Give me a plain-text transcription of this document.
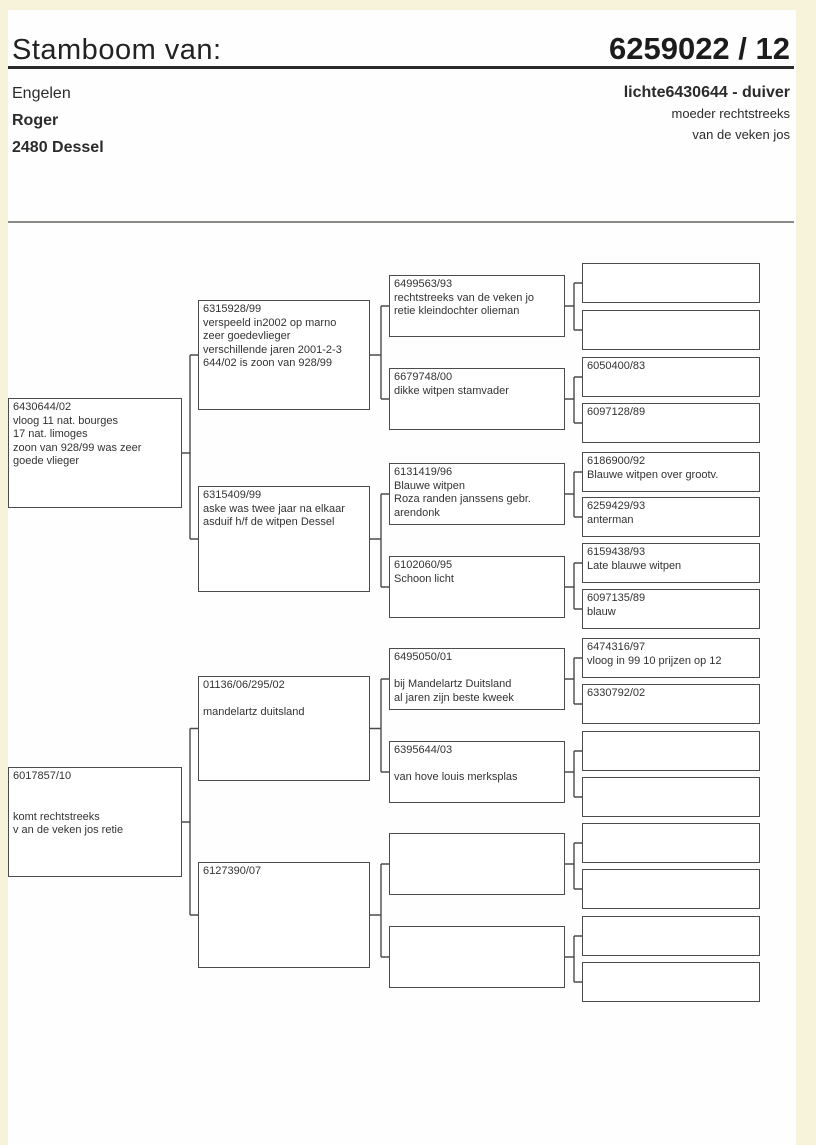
Stamboom van:	6259022 / 12
Engelen
Roger
2480 Dessel
lichte6430644 - duiver
moeder rechtstreeks
van de veken jos
6430644/02
vloog 11 nat. bourges
17 nat. limoges
zoon van 928/99 was zeer
goede vlieger
6017857/10
komt rechtstreeks
v an de veken jos retie
6315928/99
verspeeld in2002 op marno
zeer goedevlieger
verschillende jaren 2001-2-3
644/02 is zoon van 928/99
6315409/99
aske was twee jaar na elkaar
asduif h/f de witpen Dessel
01136/06/295/02
mandelartz duitsland
6127390/07
6499563/93
rechtstreeks van de veken jo
retie kleindochter olieman
6679748/00
dikke witpen stamvader
6131419/96
Blauwe witpen
Roza randen janssens gebr.
arendonk
6102060/95
Schoon licht
6495050/01
bij Mandelartz Duitsland
al jaren zijn beste kweek
6395644/03
van hove louis merksplas
6050400/83
6097128/89
6186900/92
Blauwe witpen over grootv.
6259429/93
anterman
6159438/93
Late blauwe witpen
6097135/89
blauw
6474316/97
vloog in 99 10 prijzen op 12
6330792/02
